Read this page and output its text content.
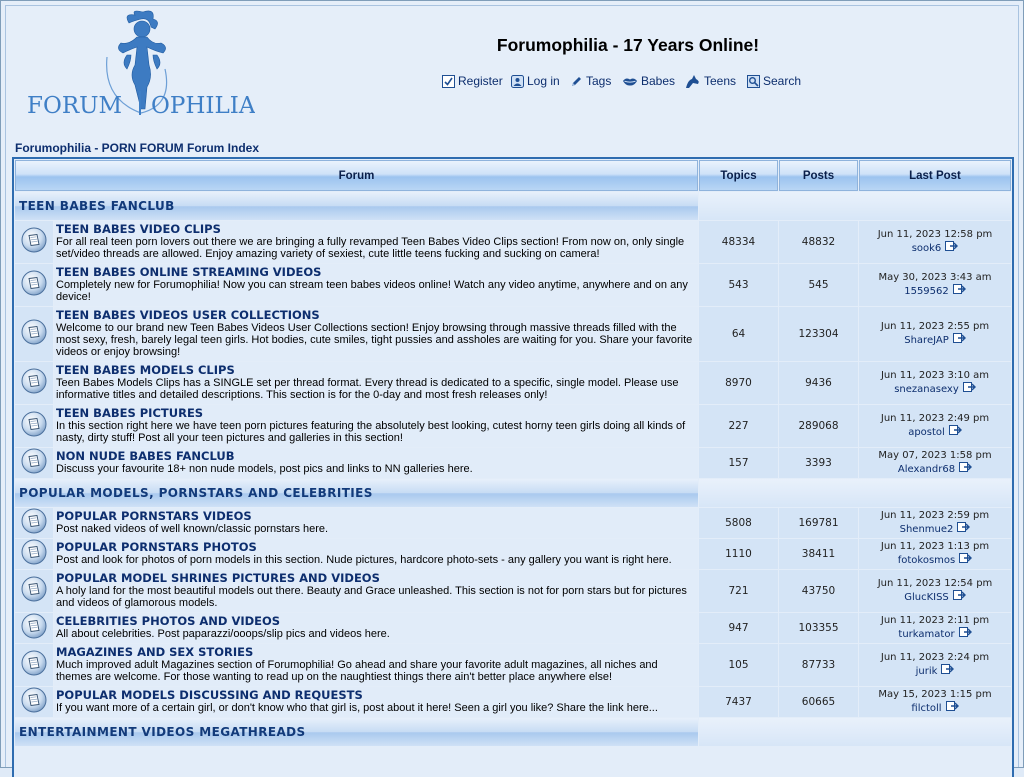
FORUM OPHILIA
Forumophilia - 17 Years Online!
Register Log in Tags Babes Teens Search
Forumophilia - PORN FORUM Forum Index
Forum		Topics	Posts	Last Post
TEEN BABES FANCLUB				

TEEN BABES VIDEO CLIPS
For all real teen porn lovers out there we are bringing a fully revamped Teen Babes Video Clips section! From now on, only single set/video threads are allowed. Enjoy amazing variety of sexiest, cute little teens fucking and sucking on camera!	48334	48832	Jun 11, 2023 12:58 pm
sook6

TEEN BABES ONLINE STREAMING VIDEOS
Completely new for Forumophilia! Now you can stream teen babes videos online! Watch any video anytime, anywhere and on any device!	543	545	May 30, 2023 3:43 am
1559562

TEEN BABES VIDEOS USER COLLECTIONS
Welcome to our brand new Teen Babes Videos User Collections section! Enjoy browsing through massive threads filled with the most sexy, fresh, barely legal teen girls. Hot bodies, cute smiles, tight pussies and assholes are waiting for you. Share your favorite videos or enjoy browsing!	64	123304	Jun 11, 2023 2:55 pm
ShareJAP

TEEN BABES MODELS CLIPS
Teen Babes Models Clips has a SINGLE set per thread format. Every thread is dedicated to a specific, single model. Please use informative titles and detailed descriptions. This section is for the 0-day and most fresh releases only!	8970	9436	Jun 11, 2023 3:10 am
snezanasexy

TEEN BABES PICTURES
In this section right here we have teen porn pictures featuring the absolutely best looking, cutest horny teen girls doing all kinds of nasty, dirty stuff! Post all your teen pictures and galleries in this section!	227	289068	Jun 11, 2023 2:49 pm
apostol

NON NUDE BABES FANCLUB
Discuss your favourite 18+ non nude models, post pics and links to NN galleries here.	157	3393	May 07, 2023 1:58 pm
Alexandr68
POPULAR MODELS, PORNSTARS AND CELEBRITIES				

POPULAR PORNSTARS VIDEOS
Post naked videos of well known/classic pornstars here.	5808	169781	Jun 11, 2023 2:59 pm
Shenmue2

POPULAR PORNSTARS PHOTOS
Post and look for photos of porn models in this section. Nude pictures, hardcore photo-sets - any gallery you want is right here.	1110	38411	Jun 11, 2023 1:13 pm
fotokosmos

POPULAR MODEL SHRINES PICTURES AND VIDEOS
A holy land for the most beautiful models out there. Beauty and Grace unleashed. This section is not for porn stars but for pictures and videos of glamorous models.	721	43750	Jun 11, 2023 12:54 pm
GlucKISS

CELEBRITIES PHOTOS AND VIDEOS
All about celebrities. Post paparazzi/ooops/slip pics and videos here.	947	103355	Jun 11, 2023 2:11 pm
turkamator

MAGAZINES AND SEX STORIES
Much improved adult Magazines section of Forumophilia! Go ahead and share your favorite adult magazines, all niches and themes are welcome. For those wanting to read up on the naughtiest things there ain't better place anywhere else!	105	87733	Jun 11, 2023 2:24 pm
jurik

POPULAR MODELS DISCUSSING AND REQUESTS
If you want more of a certain girl, or don't know who that girl is, post about it here! Seen a girl you like? Share the link here...	7437	60665	May 15, 2023 1:15 pm
filctoll
ENTERTAINMENT VIDEOS MEGATHREADS				
